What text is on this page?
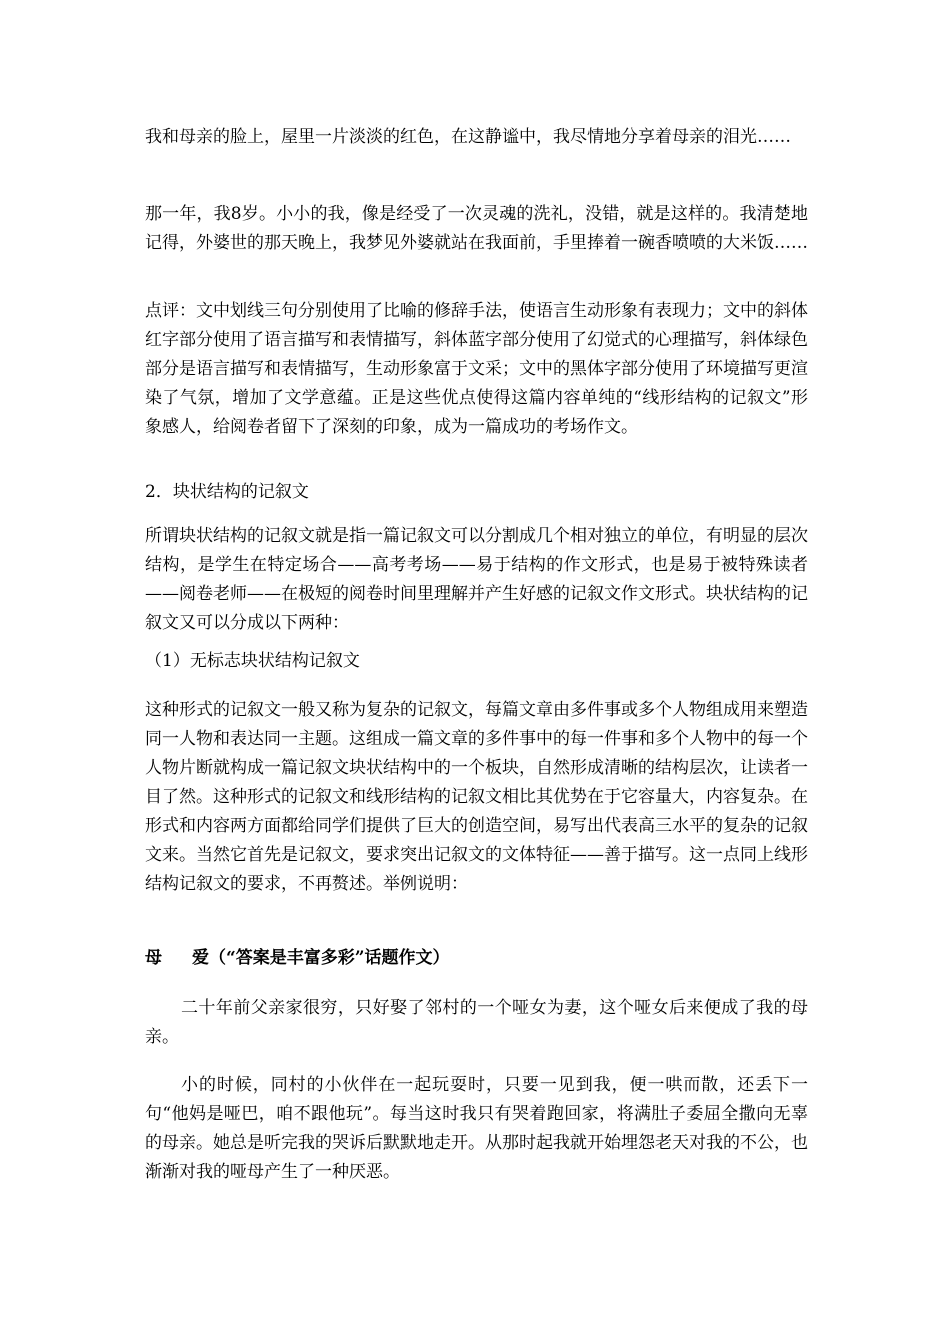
我和母亲的脸上，屋里一片淡淡的红色，在这静谧中，我尽情地分享着母亲的泪光……

那一年，我8岁。小小的我，像是经受了一次灵魂的洗礼，没错，就是这样的。我清楚地记得，外婆世的那天晚上，我梦见外婆就站在我面前，手里捧着一碗香喷喷的大米饭……

点评：文中划线三句分别使用了比喻的修辞手法，使语言生动形象有表现力；文中的斜体红字部分使用了语言描写和表情描写，斜体蓝字部分使用了幻觉式的心理描写，斜体绿色部分是语言描写和表情描写，生动形象富于文采；文中的黑体字部分使用了环境描写更渲染了气氛，增加了文学意蕴。正是这些优点使得这篇内容单纯的“线形结构的记叙文”形象感人，给阅卷者留下了深刻的印象，成为一篇成功的考场作文。

2．块状结构的记叙文

所谓块状结构的记叙文就是指一篇记叙文可以分割成几个相对独立的单位，有明显的层次结构，是学生在特定场合——高考考场——易于结构的作文形式，也是易于被特殊读者——阅卷老师——在极短的阅卷时间里理解并产生好感的记叙文作文形式。块状结构的记叙文又可以分成以下两种：

（1）无标志块状结构记叙文

这种形式的记叙文一般又称为复杂的记叙文，每篇文章由多件事或多个人物组成用来塑造同一人物和表达同一主题。这组成一篇文章的多件事中的每一件事和多个人物中的每一个人物片断就构成一篇记叙文块状结构中的一个板块，自然形成清晰的结构层次，让读者一目了然。这种形式的记叙文和线形结构的记叙文相比其优势在于它容量大，内容复杂。在形式和内容两方面都给同学们提供了巨大的创造空间，易写出代表高三水平的复杂的记叙文来。当然它首先是记叙文，要求突出记叙文的文体特征——善于描写。这一点同上线形结构记叙文的要求，不再赘述。举例说明：

母 爱（“答案是丰富多彩”话题作文）

二十年前父亲家很穷，只好娶了邻村的一个哑女为妻，这个哑女后来便成了我的母亲。

小的时候，同村的小伙伴在一起玩耍时，只要一见到我，便一哄而散，还丢下一句“他妈是哑巴，咱不跟他玩”。每当这时我只有哭着跑回家，将满肚子委屈全撒向无辜的母亲。她总是听完我的哭诉后默默地走开。从那时起我就开始埋怨老天对我的不公，也渐渐对我的哑母产生了一种厌恶。
